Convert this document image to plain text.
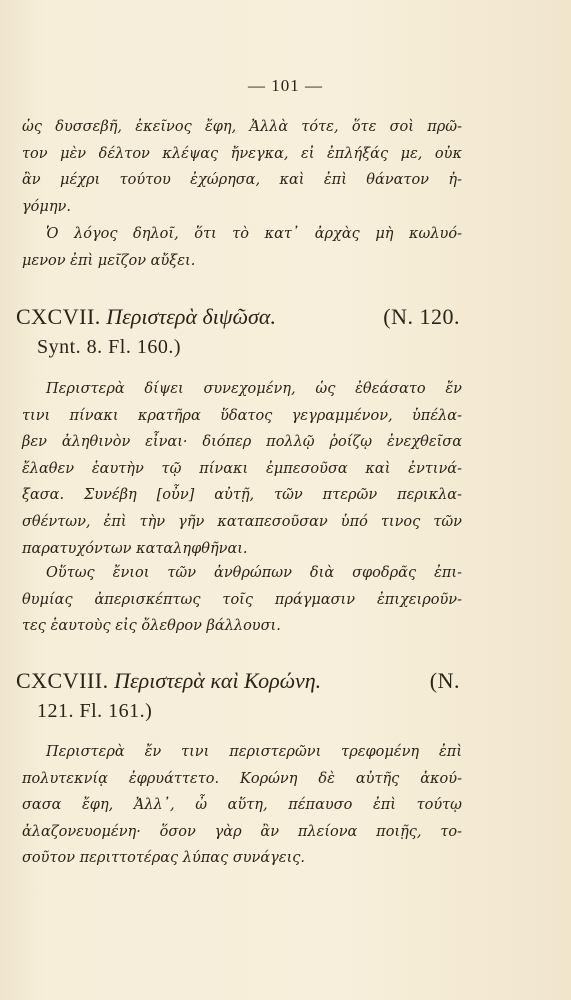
— 101 —
ὡς δυσσεβῆ, ἐκεῖνος ἔφη, Ἀλλὰ τότε, ὅτε σοὶ πρῶ-
τον μὲν δέλτον κλέψας ἤνεγκα, εἰ ἐπλήξάς με, οὐκ
ἂν μέχρι τούτου ἐχώρησα, καὶ ἐπὶ θάνατον ἠ-
γόμην.
Ὁ λόγος δηλοῖ, ὅτι τὸ κατ᾽ ἀρχὰς μὴ κωλυό-
μενον ἐπὶ μεῖζον αὔξει.
CXCVII. Περιστερὰ διψῶσα.	(N. 120.
Synt. 8. Fl. 160.)
Περιστερὰ δίψει συνεχομένη, ὡς ἐθεάσατο ἔν
τινι πίνακι κρατῆρα ὕδατος γεγραμμένον, ὑπέλα-
βεν ἀληθινὸν εἶναι· διόπερ πολλῷ ῥοίζῳ ἐνεχθεῖσα
ἔλαθεν ἑαυτὴν τῷ πίνακι ἐμπεσοῦσα καὶ ἐντινά-
ξασα. Συνέβη [οὖν] αὐτῇ, τῶν πτερῶν περικλα-
σθέντων, ἐπὶ τὴν γῆν καταπεσοῦσαν ὑπό τινος τῶν
παρατυχόντων καταληφθῆναι.
Οὕτως ἔνιοι τῶν ἀνθρώπων διὰ σφοδρᾶς ἐπι-
θυμίας ἀπερισκέπτως τοῖς πράγμασιν ἐπιχειροῦν-
τες ἑαυτοὺς εἰς ὄλεθρον βάλλουσι.
CXCVIII. Περιστερὰ καὶ Κορώνη.	(N.
121. Fl. 161.)
Περιστερὰ ἔν τινι περιστερῶνι τρεφομένη ἐπὶ
πολυτεκνίᾳ ἐφρυάττετο. Κορώνη δὲ αὐτῆς ἀκού-
σασα ἔφη, Ἀλλ᾽, ὦ αὕτη, πέπαυσο ἐπὶ τούτῳ
ἀλαζονευομένη· ὅσον γὰρ ἂν πλείονα ποιῇς, το-
σοῦτον περιττοτέρας λύπας συνάγεις.
